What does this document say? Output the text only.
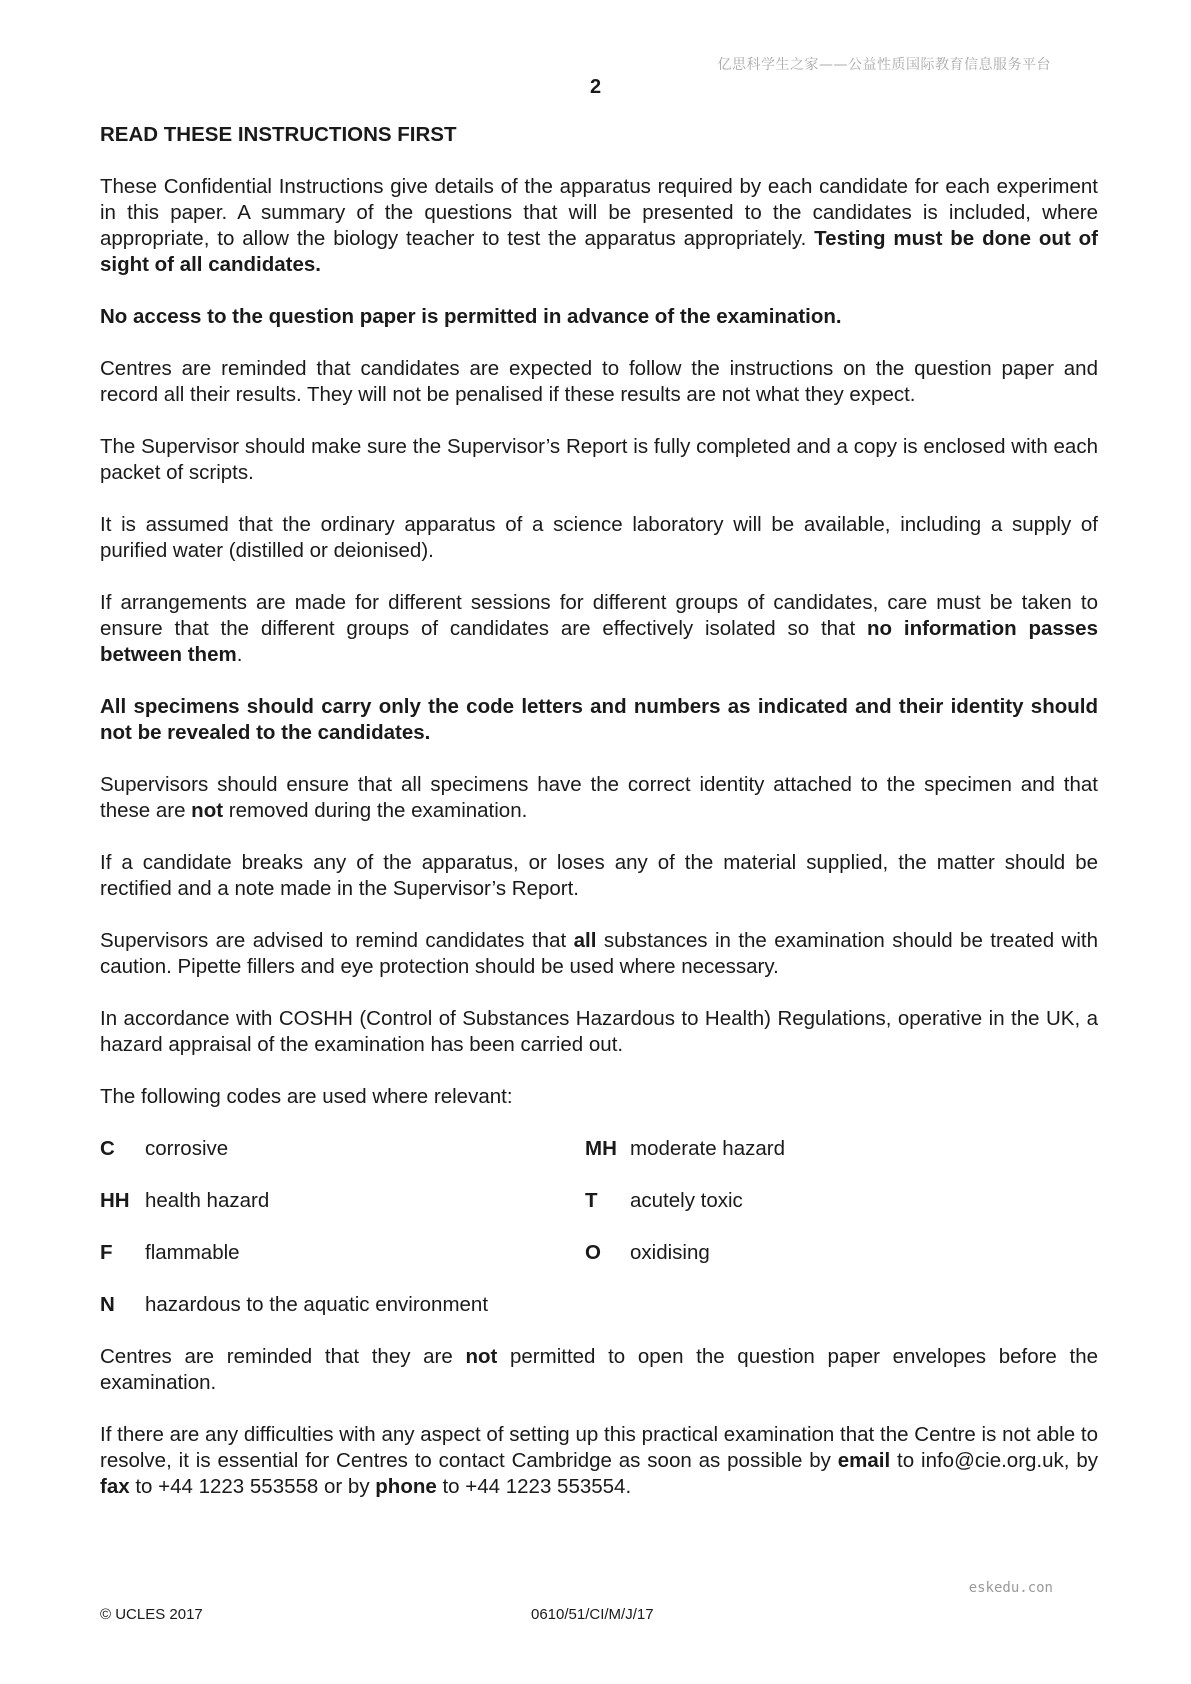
亿思科学生之家——公益性质国际教育信息服务平台
2
READ THESE INSTRUCTIONS FIRST

These Confidential Instructions give details of the apparatus required by each candidate for each experiment in this paper. A summary of the questions that will be presented to the candidates is included, where appropriate, to allow the biology teacher to test the apparatus appropriately. Testing must be done out of sight of all candidates.

No access to the question paper is permitted in advance of the examination.

Centres are reminded that candidates are expected to follow the instructions on the question paper and record all their results. They will not be penalised if these results are not what they expect.

The Supervisor should make sure the Supervisor’s Report is fully completed and a copy is enclosed with each packet of scripts.

It is assumed that the ordinary apparatus of a science laboratory will be available, including a supply of purified water (distilled or deionised).

If arrangements are made for different sessions for different groups of candidates, care must be taken to ensure that the different groups of candidates are effectively isolated so that no information passes between them.

All specimens should carry only the code letters and numbers as indicated and their identity should not be revealed to the candidates.

Supervisors should ensure that all specimens have the correct identity attached to the specimen and that these are not removed during the examination.

If a candidate breaks any of the apparatus, or loses any of the material supplied, the matter should be rectified and a note made in the Supervisor’s Report.

Supervisors are advised to remind candidates that all substances in the examination should be treated with caution. Pipette fillers and eye protection should be used where necessary.

In accordance with COSHH (Control of Substances Hazardous to Health) Regulations, operative in the UK, a hazard appraisal of the examination has been carried out.

The following codes are used where relevant:

C	corrosive	MH moderate hazard
HH health hazard	T	acutely toxic
F	flammable	O	oxidising
N	hazardous to the aquatic environment

Centres are reminded that they are not permitted to open the question paper envelopes before the examination.

If there are any difficulties with any aspect of setting up this practical examination that the Centre is not able to resolve, it is essential for Centres to contact Cambridge as soon as possible by email to info@cie.org.uk, by fax to +44 1223 553558 or by phone to +44 1223 553554.

eskedu.con
© UCLES 2017	0610/51/CI/M/J/17
